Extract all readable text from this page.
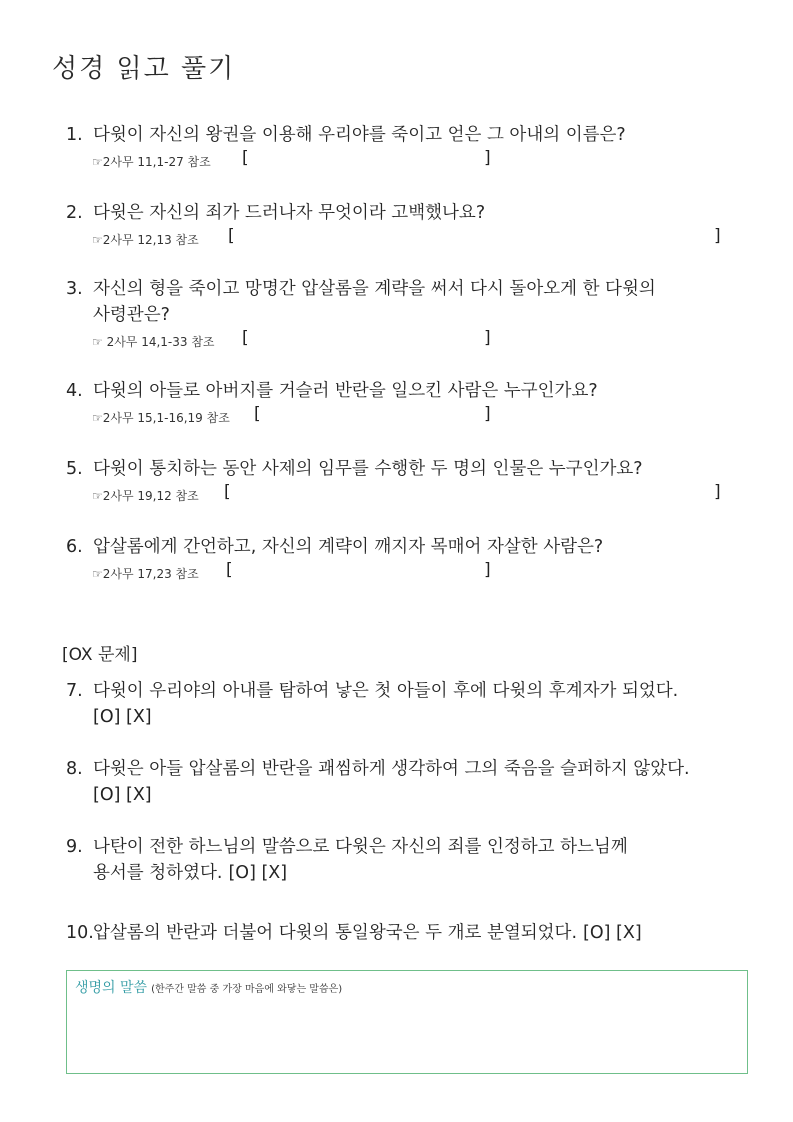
성경 읽고 풀기
1. 다윗이 자신의 왕권을 이용해 우리야를 죽이고 얻은 그 아내의 이름은?
☞2사무 11,1-27 참조 [	]
2. 다윗은 자신의 죄가 드러나자 무엇이라 고백했나요?
☞2사무 12,13 참조 [	]
3. 자신의 형을 죽이고 망명간 압살롬을 계략을 써서 다시 돌아오게 한 다윗의
사령관은?
☞ 2사무 14,1-33 참조 [	]
4. 다윗의 아들로 아버지를 거슬러 반란을 일으킨 사람은 누구인가요?
☞2사무 15,1-16,19 참조 [	]
5. 다윗이 통치하는 동안 사제의 임무를 수행한 두 명의 인물은 누구인가요?
☞2사무 19,12 참조 [	]
6. 압살롬에게 간언하고, 자신의 계략이 깨지자 목매어 자살한 사람은?
☞2사무 17,23 참조 [	]
[OX 문제]
7. 다윗이 우리야의 아내를 탐하여 낳은 첫 아들이 후에 다윗의 후계자가 되었다.
[O] [X]
8. 다윗은 아들 압살롬의 반란을 괘씸하게 생각하여 그의 죽음을 슬퍼하지 않았다.
[O] [X]
9. 나탄이 전한 하느님의 말씀으로 다윗은 자신의 죄를 인정하고 하느님께
용서를 청하였다. [O] [X]
10.압살롬의 반란과 더불어 다윗의 통일왕국은 두 개로 분열되었다. [O] [X]
생명의 말씀 (한주간 말씀 중 가장 마음에 와닿는 말씀은)
